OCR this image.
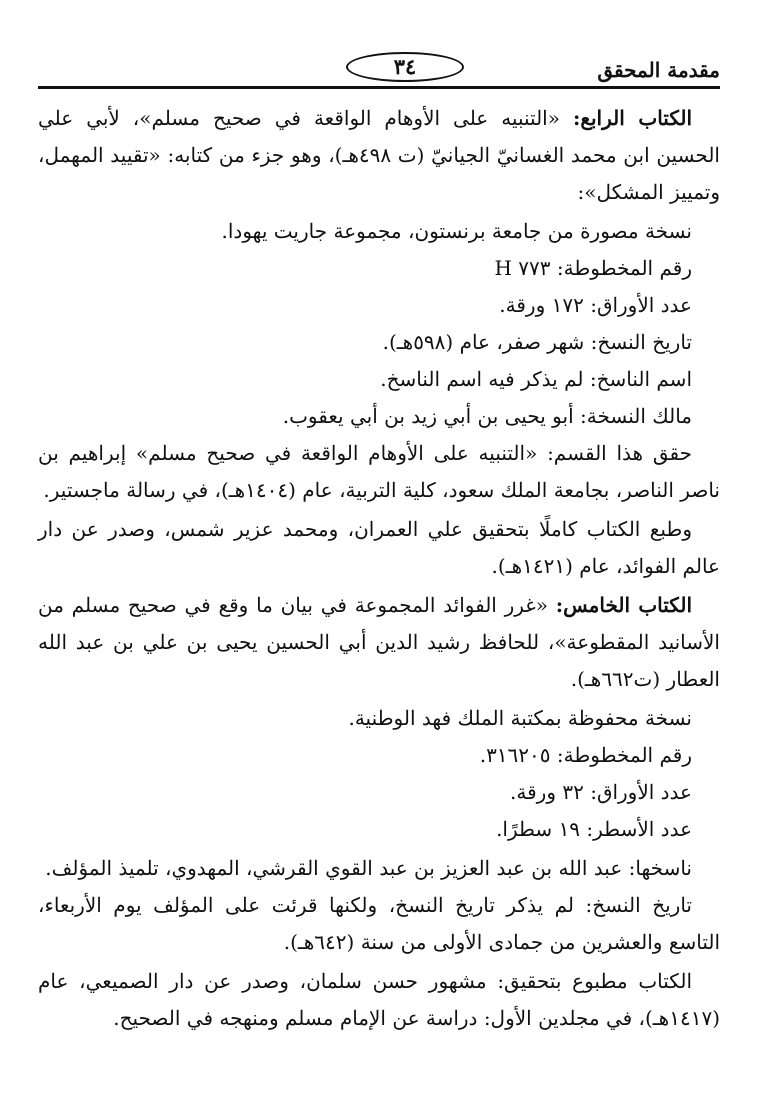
مقدمة المحقق
٣٤

الكتاب الرابع: «التنبيه على الأوهام الواقعة في صحيح مسلم»، لأبي علي الحسين ابن محمد الغسانيّ الجيانيّ (ت ٤٩٨هـ)، وهو جزء من كتابه: «تقييد المهمل، وتمييز المشكل»:

نسخة مصورة من جامعة برنستون، مجموعة جاريت يهودا.

رقم المخطوطة: ٧٧٣ H

عدد الأوراق: ١٧٢ ورقة.

تاريخ النسخ: شهر صفر، عام (٥٩٨هـ).

اسم الناسخ: لم يذكر فيه اسم الناسخ.

مالك النسخة: أبو يحيى بن أبي زيد بن أبي يعقوب.

حقق هذا القسم: «التنبيه على الأوهام الواقعة في صحيح مسلم» إبراهيم بن ناصر الناصر، بجامعة الملك سعود، كلية التربية، عام (١٤٠٤هـ)، في رسالة ماجستير.

وطبع الكتاب كاملًا بتحقيق علي العمران، ومحمد عزير شمس، وصدر عن دار عالم الفوائد، عام (١٤٢١هـ).

الكتاب الخامس: «غرر الفوائد المجموعة في بيان ما وقع في صحيح مسلم من الأسانيد المقطوعة»، للحافظ رشيد الدين أبي الحسين يحيى بن علي بن عبد الله العطار (ت٦٦٢هـ).

نسخة محفوظة بمكتبة الملك فهد الوطنية.

رقم المخطوطة: ٣١٦٢٠٥.

عدد الأوراق: ٣٢ ورقة.

عدد الأسطر: ١٩ سطرًا.

ناسخها: عبد الله بن عبد العزيز بن عبد القوي القرشي، المهدوي، تلميذ المؤلف.

تاريخ النسخ: لم يذكر تاريخ النسخ، ولكنها قرئت على المؤلف يوم الأربعاء، التاسع والعشرين من جمادى الأولى من سنة (٦٤٢هـ).

الكتاب مطبوع بتحقيق: مشهور حسن سلمان، وصدر عن دار الصميعي، عام (١٤١٧هـ)، في مجلدين الأول: دراسة عن الإمام مسلم ومنهجه في الصحيح.
